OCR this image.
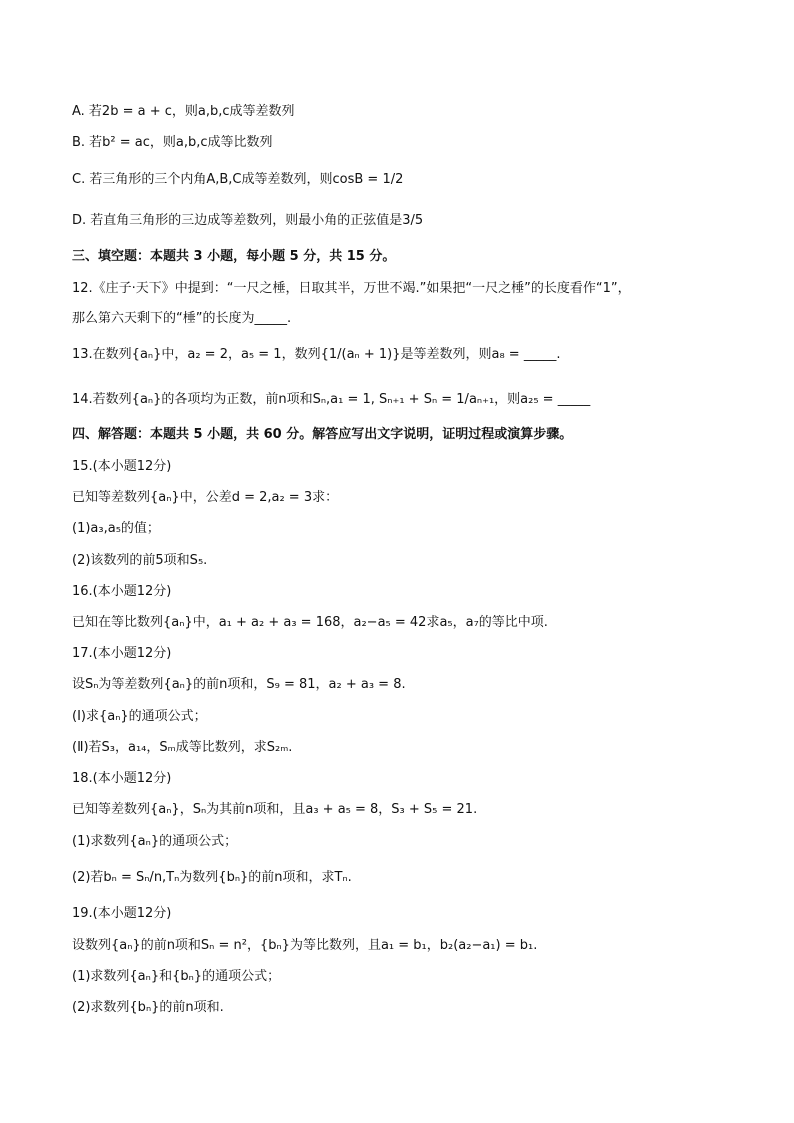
A. 若2b = a + c，则a,b,c成等差数列
B. 若b² = ac，则a,b,c成等比数列
C. 若三角形的三个内角A,B,C成等差数列，则cosB = 1/2
D. 若直角三角形的三边成等差数列，则最小角的正弦值是3/5
三、填空题：本题共 3 小题，每小题 5 分，共 15 分。
12.《庄子·天下》中提到：“一尺之棰，日取其半，万世不竭.”如果把“一尺之棰”的长度看作“1”，
那么第六天剩下的“棰”的长度为_____.
13.在数列{aₙ}中，a₂ = 2，a₅ = 1，数列{1/(aₙ + 1)}是等差数列，则a₈ = _____.
14.若数列{aₙ}的各项均为正数，前n项和Sₙ,a₁ = 1, Sₙ₊₁ + Sₙ = 1/aₙ₊₁，则a₂₅ = _____
四、解答题：本题共 5 小题，共 60 分。解答应写出文字说明，证明过程或演算步骤。
15.(本小题12分)
已知等差数列{aₙ}中，公差d = 2,a₂ = 3求：
(1)a₃,a₅的值；
(2)该数列的前5项和S₅.
16.(本小题12分)
已知在等比数列{aₙ}中，a₁ + a₂ + a₃ = 168，a₂−a₅ = 42求a₅，a₇的等比中项.
17.(本小题12分)
设Sₙ为等差数列{aₙ}的前n项和，S₉ = 81，a₂ + a₃ = 8.
(Ⅰ)求{aₙ}的通项公式；
(Ⅱ)若S₃，a₁₄，Sₘ成等比数列，求S₂ₘ.
18.(本小题12分)
已知等差数列{aₙ}，Sₙ为其前n项和，且a₃ + a₅ = 8，S₃ + S₅ = 21.
(1)求数列{aₙ}的通项公式；
(2)若bₙ = Sₙ/n,Tₙ为数列{bₙ}的前n项和，求Tₙ.
19.(本小题12分)
设数列{aₙ}的前n项和Sₙ = n²，{bₙ}为等比数列，且a₁ = b₁，b₂(a₂−a₁) = b₁.
(1)求数列{aₙ}和{bₙ}的通项公式；
(2)求数列{bₙ}的前n项和.
